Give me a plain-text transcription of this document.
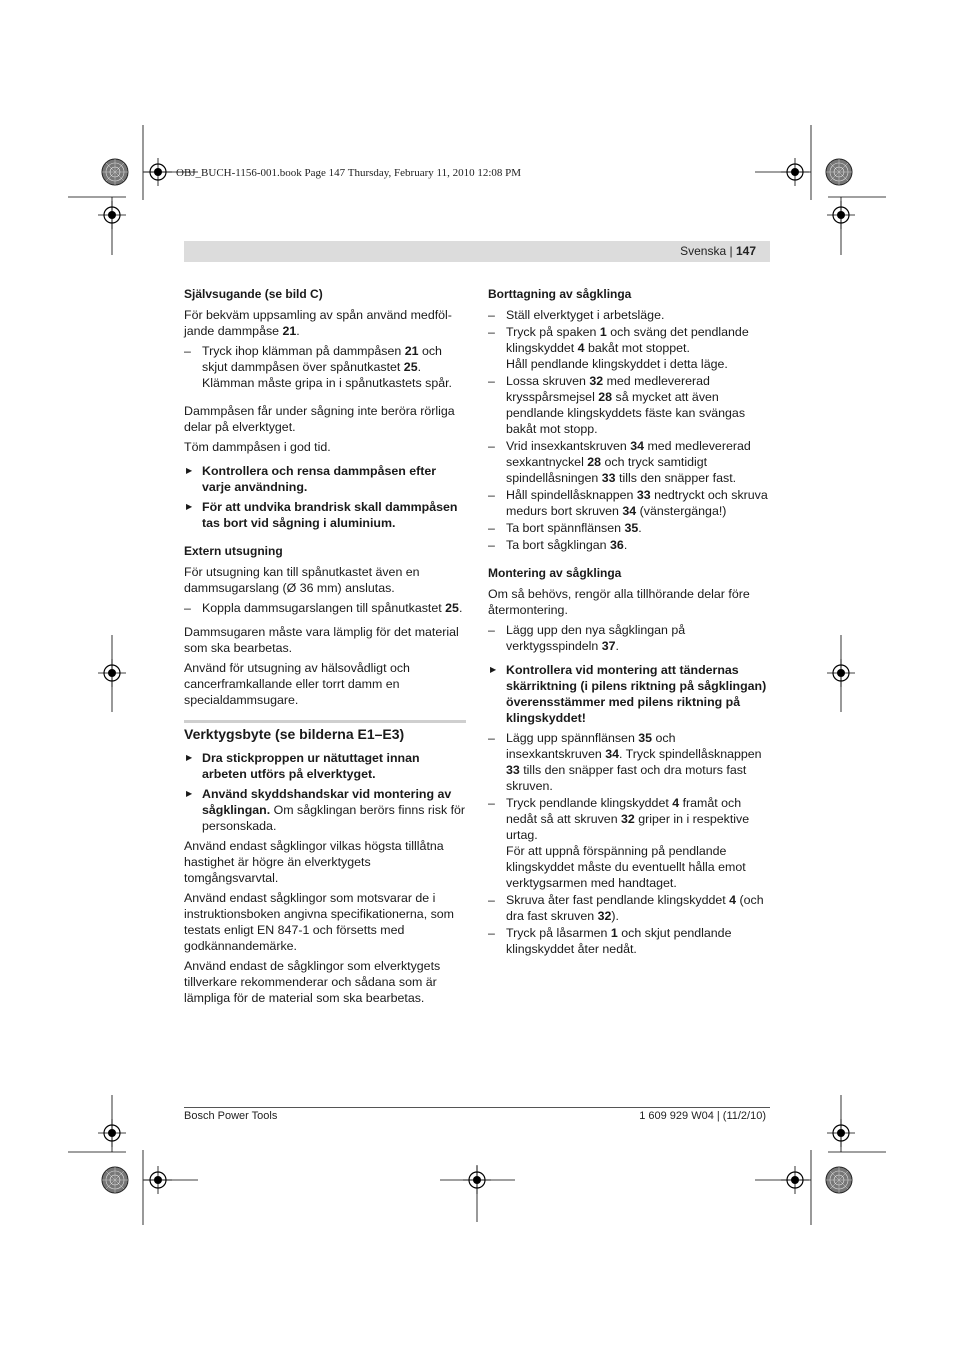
OBJ_BUCH-1156-001.book Page 147 Thursday, February 11, 2010 12:08 PM
Svenska | 147
Självsugande (se bild C)
För bekväm uppsamling av spån använd medföl-
jande dammpåse 21.
– Tryck ihop klämman på dammpåsen 21 och skjut dammpåsen över spånutkastet 25. Klämman måste gripa in i spånutkastets spår.
Dammpåsen får under sågning inte beröra rörliga delar på elverktyget.
Töm dammpåsen i god tid.
▶ Kontrollera och rensa dammpåsen efter varje användning.
▶ För att undvika brandrisk skall dammpåsen tas bort vid sågning i aluminium.
Extern utsugning
För utsugning kan till spånutkastet även en dammsugarslang (Ø 36 mm) anslutas.
– Koppla dammsugarslangen till spånutkastet 25.
Dammsugaren måste vara lämplig för det material som ska bearbetas.
Använd för utsugning av hälsovådligt och cancerframkallande eller torrt damm en specialdammsugare.
Verktygsbyte (se bilderna E1–E3)
▶ Dra stickproppen ur nätuttaget innan arbeten utförs på elverktyget.
▶ Använd skyddshandskar vid montering av sågklingan. Om sågklingan berörs finns risk för personskada.
Använd endast sågklingor vilkas högsta tilllåtna hastighet är högre än elverktygets tomgångsvarvtal.
Använd endast sågklingor som motsvarar de i instruktionsboken angivna specifikationerna, som testats enligt EN 847-1 och försetts med godkännandemärke.
Använd endast de sågklingor som elverktygets tillverkare rekommenderar och sådana som är lämpliga för de material som ska bearbetas.
Borttagning av sågklinga
– Ställ elverktyget i arbetsläge.
– Tryck på spaken 1 och sväng det pendlande klingskyddet 4 bakåt mot stoppet.
Håll pendlande klingskyddet i detta läge.
– Lossa skruven 32 med medlevererad krysspårsmejsel 28 så mycket att även pendlande klingskyddets fäste kan svängas bakåt mot stopp.
– Vrid insexkantskruven 34 med medlevererad sexkantnyckel 28 och tryck samtidigt spindellåsningen 33 tills den snäpper fast.
– Håll spindellåsknappen 33 nedtryckt och skruva medurs bort skruven 34 (vänstergänga!)
– Ta bort spännflänsen 35.
– Ta bort sågklingan 36.
Montering av sågklinga
Om så behövs, rengör alla tillhörande delar före återmontering.
– Lägg upp den nya sågklingan på verktygsspindeln 37.
▶ Kontrollera vid montering att tändernas skärriktning (i pilens riktning på sågklingan) överensstämmer med pilens riktning på klingskyddet!
– Lägg upp spännflänsen 35 och insexkantskruven 34. Tryck spindellåsknappen 33 tills den snäpper fast och dra moturs fast skruven.
– Tryck pendlande klingskyddet 4 framåt och nedåt så att skruven 32 griper in i respektive urtag.
För att uppnå förspänning på pendlande klingskyddet måste du eventuellt hålla emot verktygsarmen med handtaget.
– Skruva åter fast pendlande klingskyddet 4 (och dra fast skruven 32).
– Tryck på låsarmen 1 och skjut pendlande klingskyddet åter nedåt.
Bosch Power Tools	1 609 929 W04 | (11/2/10)
